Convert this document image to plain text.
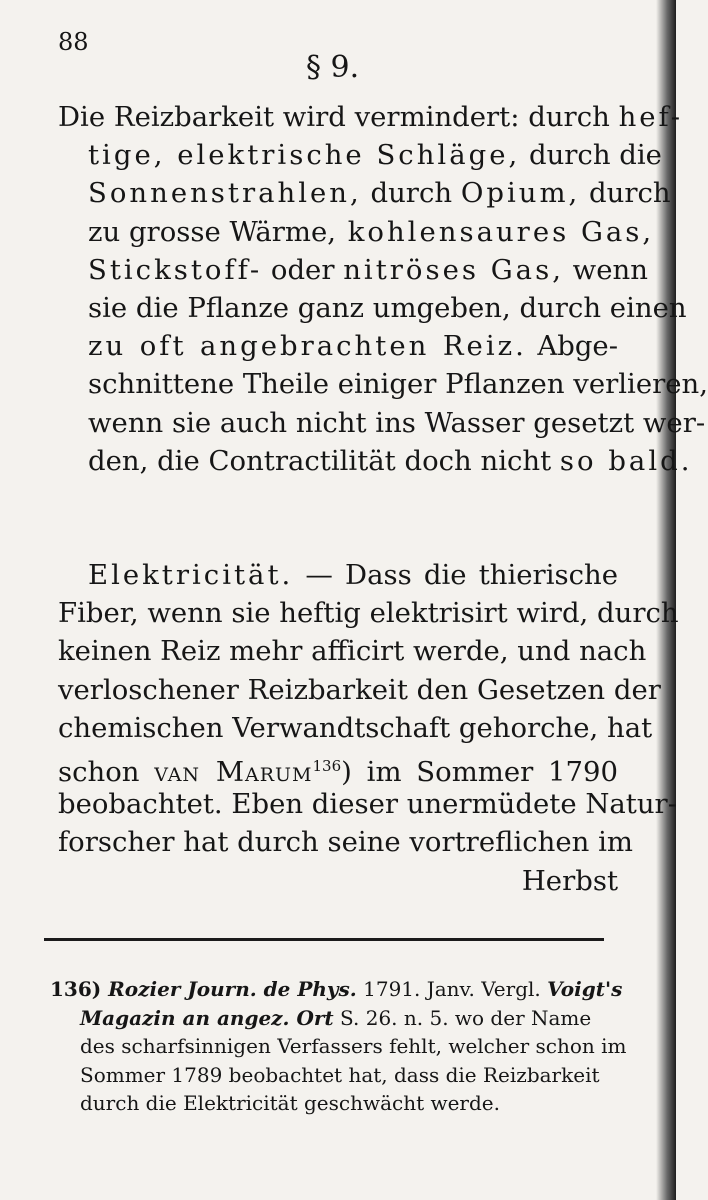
88
§ 9.
Die Reizbarkeit wird vermindert: durch hef-
tige, elektrische Schläge, durch die
Sonnenstrahlen, durch Opium, durch
zu grosse Wärme, kohlensaures Gas,
Stickstoff- oder nitröses Gas, wenn
sie die Pflanze ganz umgeben, durch einen
zu oft angebrachten Reiz. Abge-
schnittene Theile einiger Pflanzen verlieren,
wenn sie auch nicht ins Wasser gesetzt wer-
den, die Contractilität doch nicht so bald.
Elektricität. — Dass die thierische
Fiber, wenn sie heftig elektrisirt wird, durch
keinen Reiz mehr afficirt werde, und nach
verloschener Reizbarkeit den Gesetzen der
chemischen Verwandtschaft gehorche, hat
schon van Marum$^{136}$) im Sommer 1790
beobachtet. Eben dieser unermüdete Natur-
forscher hat durch seine vortreflichen im
Herbst
136) Rozier Journ. de Phys. 1791. Janv. Vergl. Voigt's
Magazin an angez. Ort S. 26. n. 5. wo der Name
des scharfsinnigen Verfassers fehlt, welcher schon im
Sommer 1789 beobachtet hat, dass die Reizbarkeit
durch die Elektricität geschwächt werde.
